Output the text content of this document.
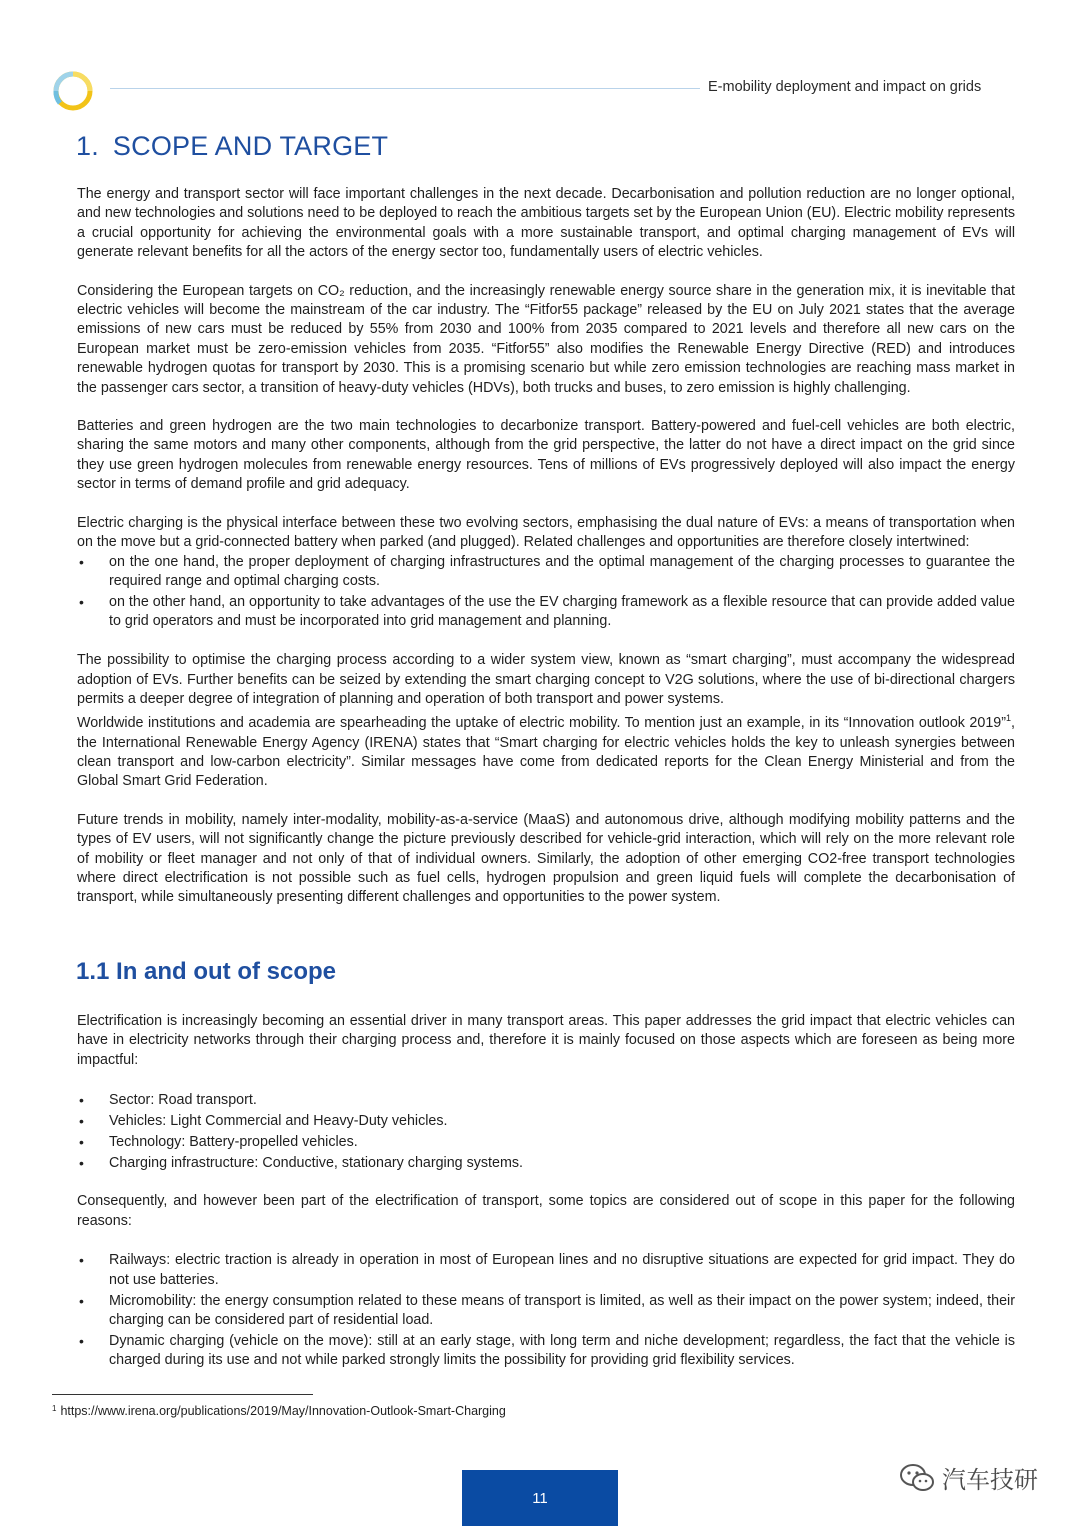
E-mobility deployment and impact on grids
1. SCOPE AND TARGET

The energy and transport sector will face important challenges in the next decade. Decarbonisation and pollution reduction are no longer optional, and new technologies and solutions need to be deployed to reach the ambitious targets set by the European Union (EU). Electric mobility represents a crucial opportunity for achieving the environmental goals with a more sustainable transport, and optimal charging management of EVs will generate relevant benefits for all the actors of the energy sector too, fundamentally users of electric vehicles.

Considering the European targets on CO₂ reduction, and the increasingly renewable energy source share in the generation mix, it is inevitable that electric vehicles will become the mainstream of the car industry. The “Fitfor55 package” released by the EU on July 2021 states that the average emissions of new cars must be reduced by 55% from 2030 and 100% from 2035 compared to 2021 levels and therefore all new cars on the European market must be zero-emission vehicles from 2035. “Fitfor55” also modifies the Renewable Energy Directive (RED) and introduces renewable hydrogen quotas for transport by 2030. This is a promising scenario but while zero emission technologies are reaching mass market in the passenger cars sector, a transition of heavy-duty vehicles (HDVs), both trucks and buses, to zero emission is highly challenging.

Batteries and green hydrogen are the two main technologies to decarbonize transport. Battery-powered and fuel-cell vehicles are both electric, sharing the same motors and many other components, although from the grid perspective, the latter do not have a direct impact on the grid since they use green hydrogen molecules from renewable energy resources. Tens of millions of EVs progressively deployed will also impact the energy sector in terms of demand profile and grid adequacy.

Electric charging is the physical interface between these two evolving sectors, emphasising the dual nature of EVs: a means of transportation when on the move but a grid-connected battery when parked (and plugged). Related challenges and opportunities are therefore closely intertwined:

• on the one hand, the proper deployment of charging infrastructures and the optimal management of the charging processes to guarantee the required range and optimal charging costs.
• on the other hand, an opportunity to take advantages of the use the EV charging framework as a flexible resource that can provide added value to grid operators and must be incorporated into grid management and planning.

The possibility to optimise the charging process according to a wider system view, known as “smart charging”, must accompany the widespread adoption of EVs. Further benefits can be seized by extending the smart charging concept to V2G solutions, where the use of bi-directional chargers permits a deeper degree of integration of planning and operation of both transport and power systems.

Worldwide institutions and academia are spearheading the uptake of electric mobility. To mention just an example, in its “Innovation outlook 2019”$^1$, the International Renewable Energy Agency (IRENA) states that “Smart charging for electric vehicles holds the key to unleash synergies between clean transport and low-carbon electricity”. Similar messages have come from dedicated reports for the Clean Energy Ministerial and from the Global Smart Grid Federation.

Future trends in mobility, namely inter-modality, mobility-as-a-service (MaaS) and autonomous drive, although modifying mobility patterns and the types of EV users, will not significantly change the picture previously described for vehicle-grid interaction, which will rely on the more relevant role of mobility or fleet manager and not only of that of individual owners. Similarly, the adoption of other emerging CO2-free transport technologies where direct electrification is not possible such as fuel cells, hydrogen propulsion and green liquid fuels will complete the decarbonisation of transport, while simultaneously presenting different challenges and opportunities to the power system.

1.1 In and out of scope

Electrification is increasingly becoming an essential driver in many transport areas. This paper addresses the grid impact that electric vehicles can have in electricity networks through their charging process and, therefore it is mainly focused on those aspects which are foreseen as being more impactful:

• Sector: Road transport.
• Vehicles: Light Commercial and Heavy-Duty vehicles.
• Technology: Battery-propelled vehicles.
• Charging infrastructure: Conductive, stationary charging systems.

Consequently, and however been part of the electrification of transport, some topics are considered out of scope in this paper for the following reasons:

• Railways: electric traction is already in operation in most of European lines and no disruptive situations are expected for grid impact. They do not use batteries.
• Micromobility: the energy consumption related to these means of transport is limited, as well as their impact on the power system; indeed, their charging can be considered part of residential load.
• Dynamic charging (vehicle on the move): still at an early stage, with long term and niche development; regardless, the fact that the vehicle is charged during its use and not while parked strongly limits the possibility for providing grid flexibility services.
$^1$ https://www.irena.org/publications/2019/May/Innovation-Outlook-Smart-Charging
11
汽车技研
